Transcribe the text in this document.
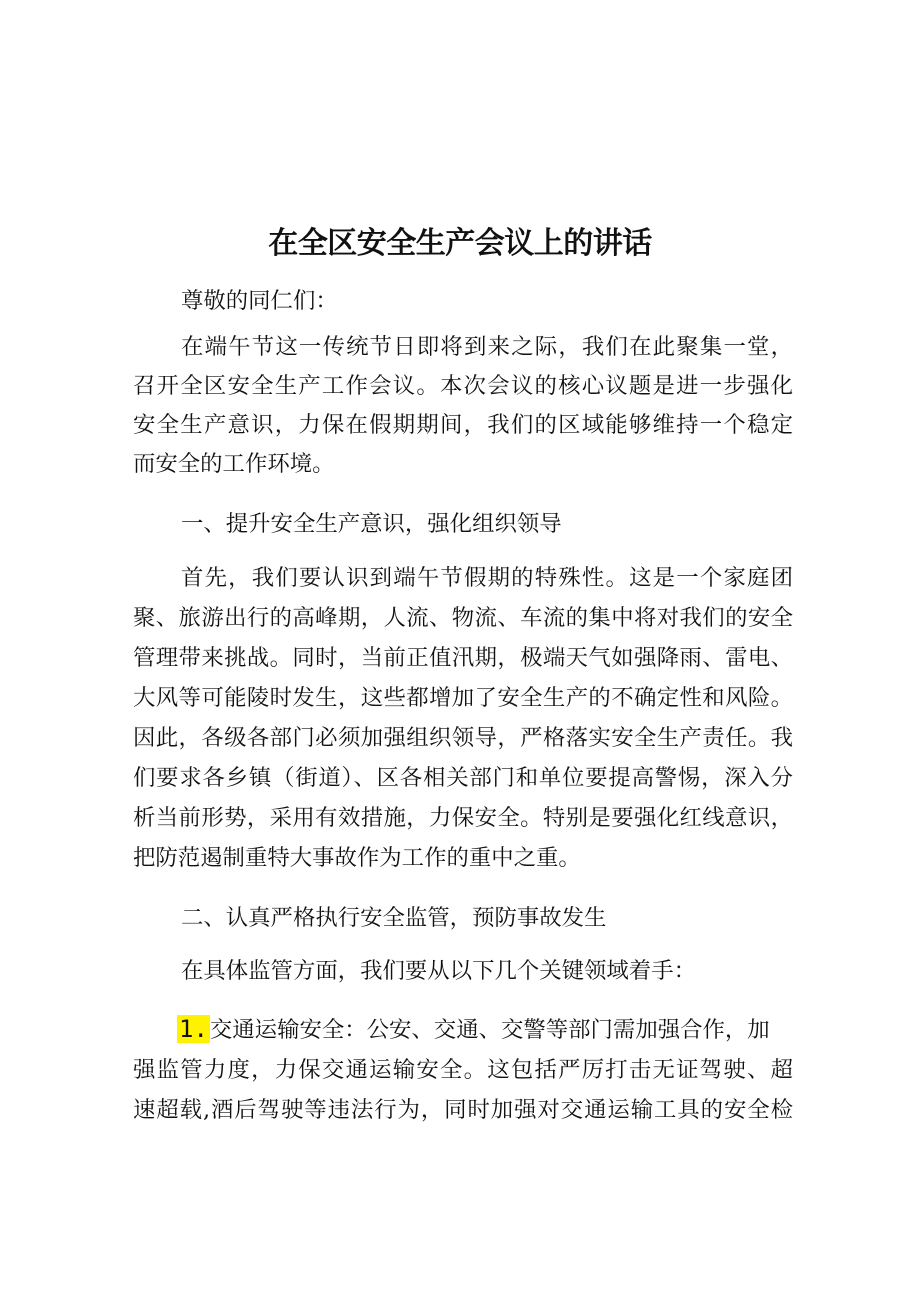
在全区安全生产会议上的讲话

尊敬的同仁们：

在端午节这一传统节日即将到来之际，我们在此聚集一堂，

召开全区安全生产工作会议。本次会议的核心议题是进一步强化

安全生产意识，力保在假期期间，我们的区域能够维持一个稳定

而安全的工作环境。

一、提升安全生产意识，强化组织领导

首先，我们要认识到端午节假期的特殊性。这是一个家庭团

聚、旅游出行的高峰期，人流、物流、车流的集中将对我们的安全

管理带来挑战。同时，当前正值汛期，极端天气如强降雨、雷电、

大风等可能陵时发生，这些都增加了安全生产的不确定性和风险。

因此，各级各部门必须加强组织领导，严格落实安全生产责任。我

们要求各乡镇（街道）、区各相关部门和单位要提高警惕，深入分

析当前形势，采用有效措施，力保安全。特别是要强化红线意识，

把防范遏制重特大事故作为工作的重中之重。

二、认真严格执行安全监管，预防事故发生

在具体监管方面，我们要从以下几个关键领域着手：

1.交通运输安全：公安、交通、交警等部门需加强合作，加

强监管力度，力保交通运输安全。这包括严厉打击无证驾驶、超

速超载,酒后驾驶等违法行为，同时加强对交通运输工具的安全检
